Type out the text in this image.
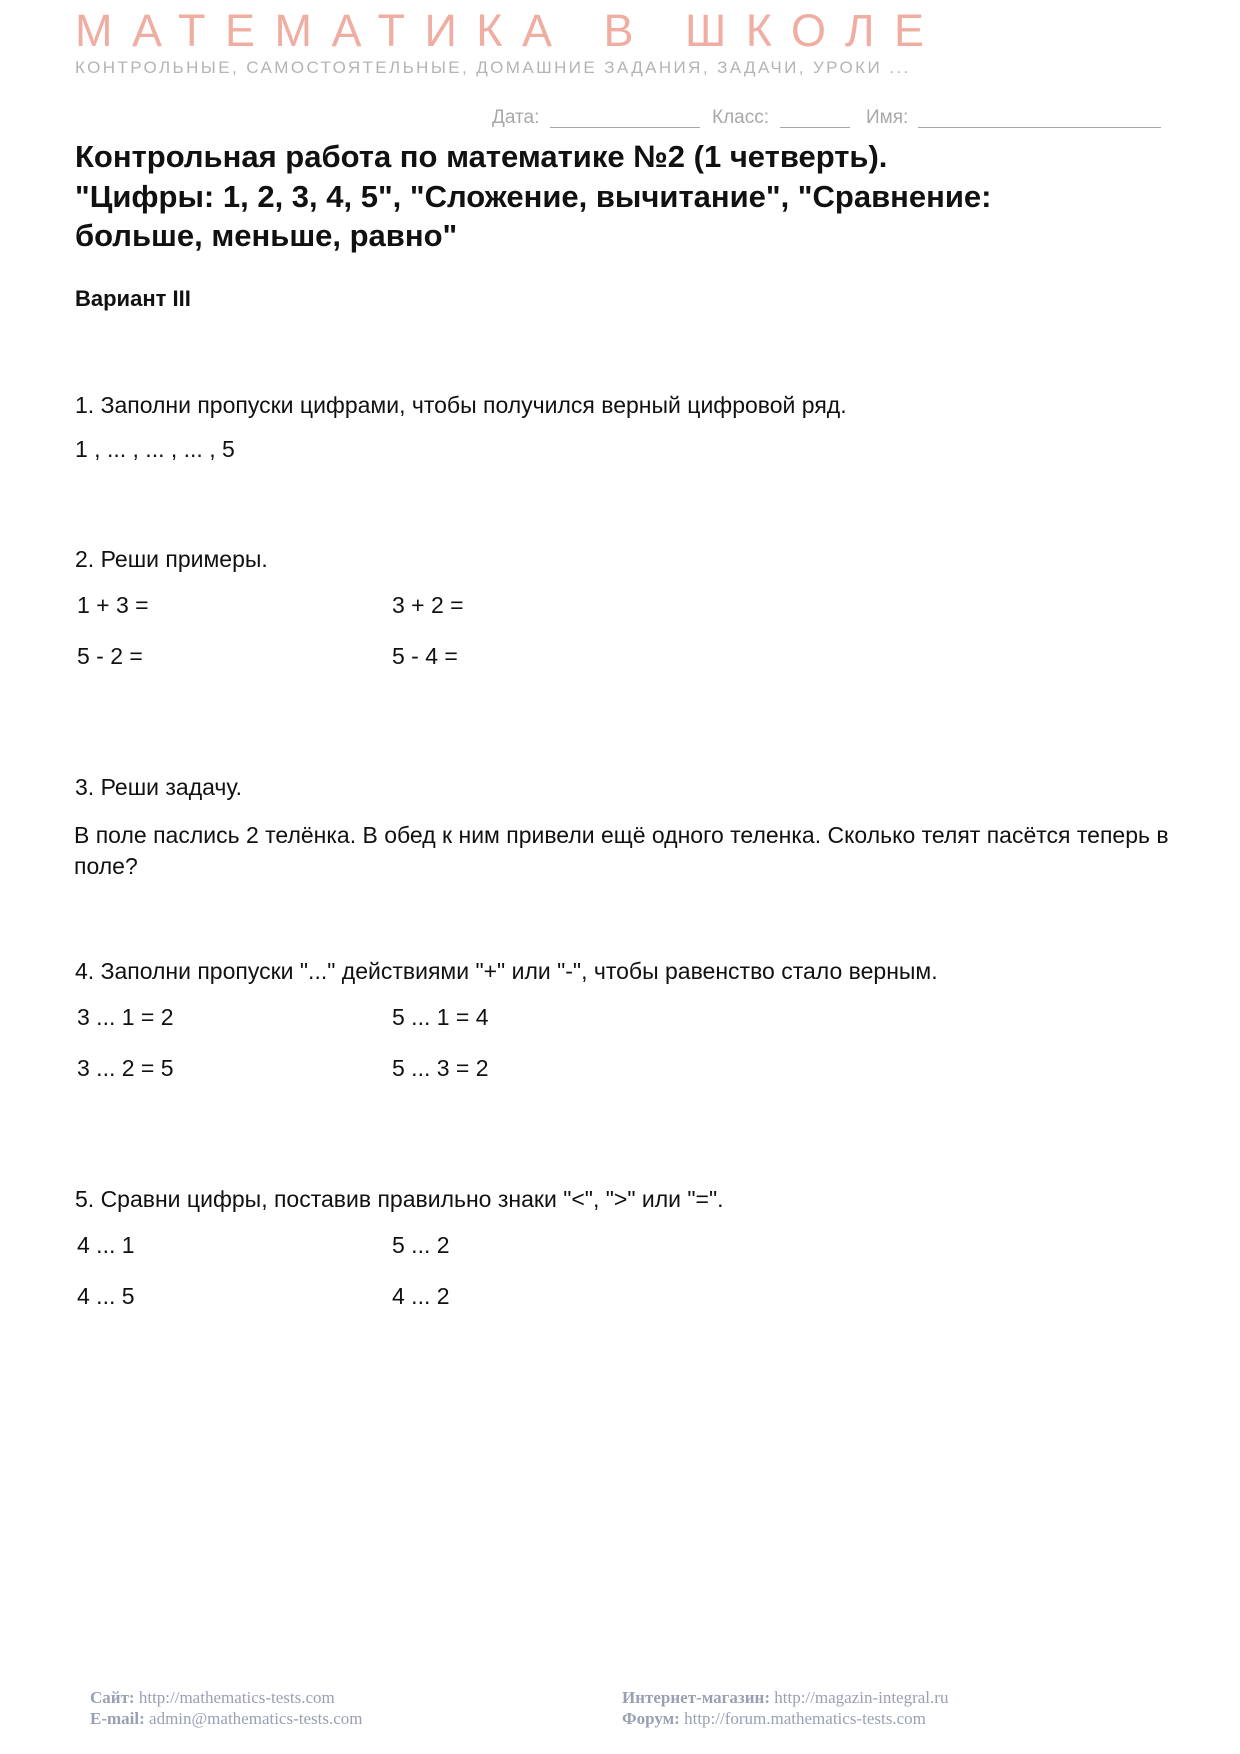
МАТЕМАТИКА В ШКОЛЕ
КОНТРОЛЬНЫЕ, САМОСТОЯТЕЛЬНЫЕ, ДОМАШНИЕ ЗАДАНИЯ, ЗАДАЧИ, УРОКИ ...
Дата:	Класс:	Имя:
Контрольная работа по математике №2 (1 четверть).
"Цифры: 1, 2, 3, 4, 5", "Сложение, вычитание", "Сравнение:
больше, меньше, равно"
Вариант III
1. Заполни пропуски цифрами, чтобы получился верный цифровой ряд.
1 , ... , ... , ... , 5
2. Реши примеры.
1 + 3 =	3 + 2 =
5 - 2 =	5 - 4 =
3. Реши задачу.
В поле паслись 2 телёнка. В обед к ним привели ещё одного теленка. Сколько телят пасётся теперь в поле?
4. Заполни пропуски "..." действиями "+" или "-", чтобы равенство стало верным.
3 ... 1 = 2	5 ... 1 = 4
3 ... 2 = 5	5 ... 3 = 2
5. Сравни цифры, поставив правильно знаки "<", ">" или "=".
4 ... 1	5 ... 2
4 ... 5	4 ... 2
Сайт: http://mathematics-tests.com
E-mail: admin@mathematics-tests.com
Интернет-магазин: http://magazin-integral.ru
Форум: http://forum.mathematics-tests.com
